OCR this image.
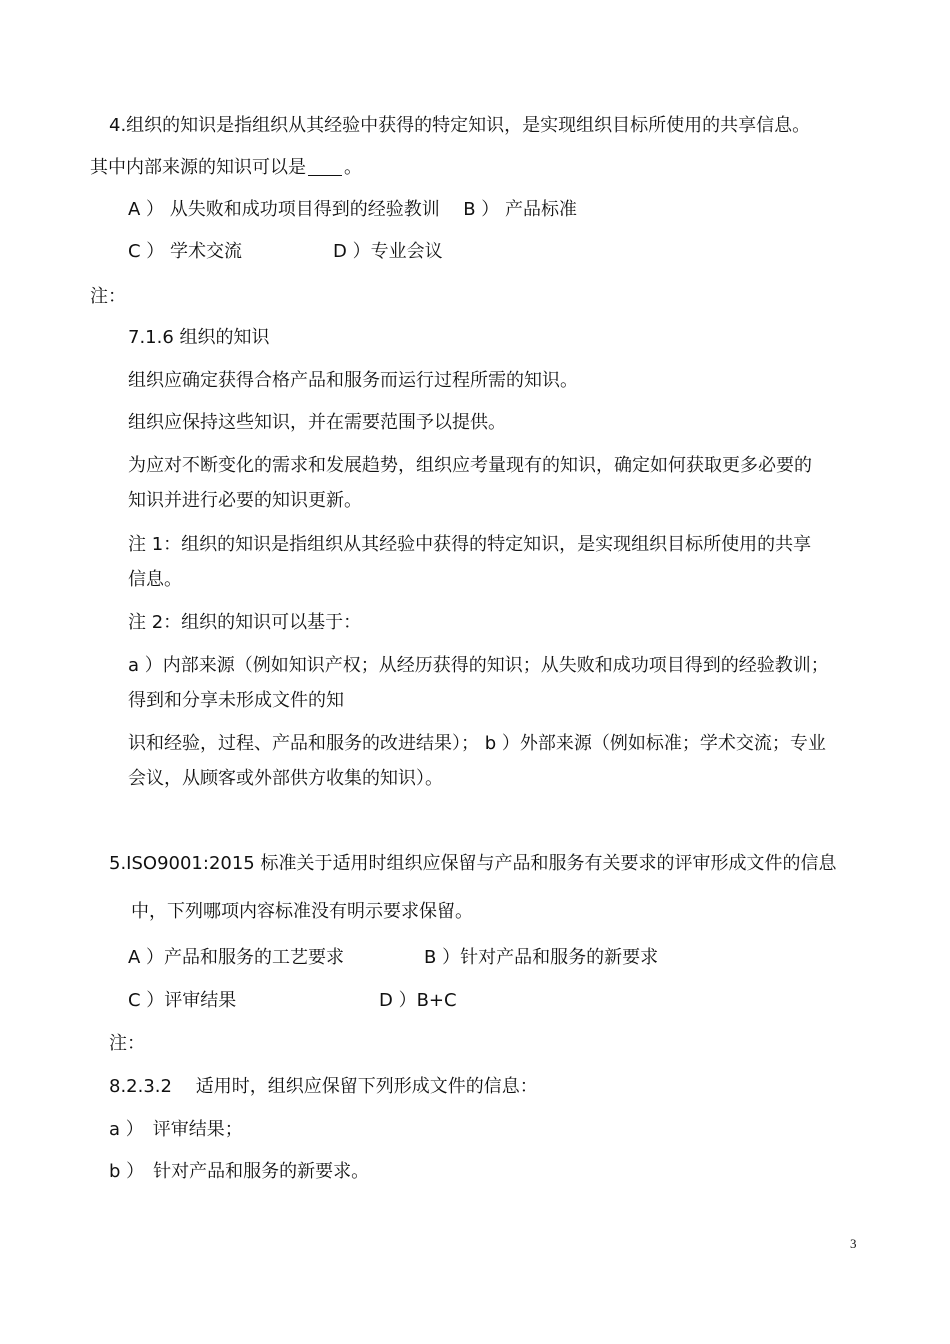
4.组织的知识是指组织从其经验中获得的特定知识，是实现组织目标所使用的共享信息。
其中内部来源的知识可以是 。
A ） 从失败和成功项目得到的经验教训 B ） 产品标准
C ） 学术交流	D ）专业会议
注：
7.1.6 组织的知识
组织应确定获得合格产品和服务而运行过程所需的知识。
组织应保持这些知识，并在需要范围予以提供。
为应对不断变化的需求和发展趋势，组织应考量现有的知识，确定如何获取更多必要的
知识并进行必要的知识更新。
注 1：组织的知识是指组织从其经验中获得的特定知识，是实现组织目标所使用的共享
信息。
注 2：组织的知识可以基于：
a ）内部来源（例如知识产权；从经历获得的知识；从失败和成功项目得到的经验教训；
得到和分享未形成文件的知
识和经验，过程、产品和服务的改进结果）； b ）外部来源（例如标准；学术交流；专业
会议，从顾客或外部供方收集的知识）。
5.ISO9001:2015 标准关于适用时组织应保留与产品和服务有关要求的评审形成文件的信息
中，下列哪项内容标准没有明示要求保留。
A ）产品和服务的工艺要求	B ）针对产品和服务的新要求
C ）评审结果	D ）B+C
注：
8.2.3.2　 适用时，组织应保留下列形成文件的信息：
a ）　评审结果；
b ）　针对产品和服务的新要求。
3
